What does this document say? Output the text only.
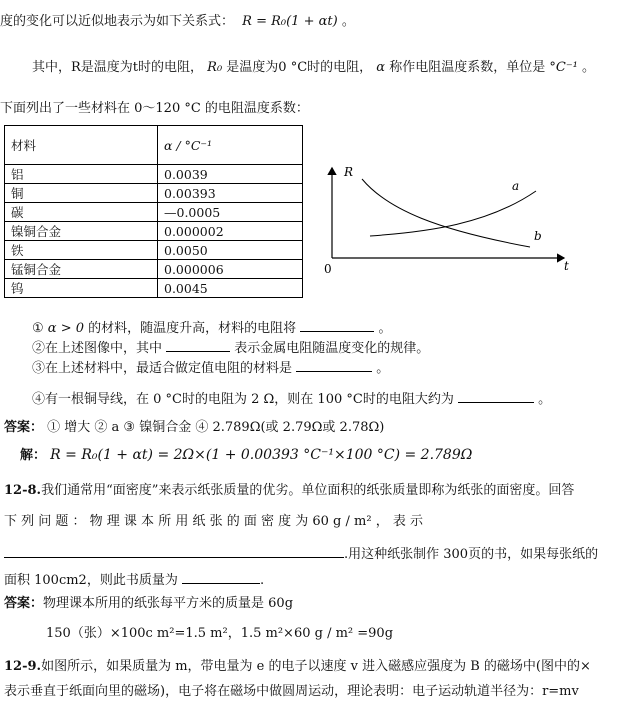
度的变化可以近似地表示为如下关系式： R = R₀(1 + αt) 。
其中，R是温度为t时的电阻， R₀ 是温度为0 °C时的电阻， α 称作电阻温度系数，单位是 °C⁻¹ 。
下面列出了一些材料在 0～120 °C 的电阻温度系数：
材料	α / °C⁻¹
铝	0.0039
铜	0.00393
碳	—0.0005
镍铜合金	0.000002
铁	0.0050
锰铜合金	0.000006
钨	0.0045
R
t
0
a
b
① α > 0 的材料，随温度升高，材料的电阻将	。
②在上述图像中，其中	表示金属电阻随温度变化的规律。
③在上述材料中，最适合做定值电阻的材料是	。
④有一根铜导线，在 0 °C时的电阻为 2 Ω，则在 100 °C时的电阻大约为	。
答案： ① 增大 ② a ③ 镍铜合金 ④ 2.789Ω(或 2.79Ω或 2.78Ω)
解： R = R₀(1 + αt) = 2Ω×(1 + 0.00393 °C⁻¹×100 °C) = 2.789Ω
12-8.我们通常用“面密度”来表示纸张质量的优劣。单位面积的纸张质量即称为纸张的面密度。回答
下 列 问 题 ： 物 理 课 本 所 用 纸 张 的 面 密 度 为 60 g / m² ， 表 示
.用这种纸张制作 300页的书，如果每张纸的
面积 100cm2，则此书质量为	.
答案：物理课本所用的纸张每平方米的质量是 60g
150（张）×100c m²=1.5 m²，1.5 m²×60 g / m² =90g
12-9.如图所示，如果质量为 m，带电量为 e 的电子以速度 v 进入磁感应强度为 B 的磁场中(图中的×
表示垂直于纸面向里的磁场)，电子将在磁场中做圆周运动，理论表明：电子运动轨道半径为：r=mv
